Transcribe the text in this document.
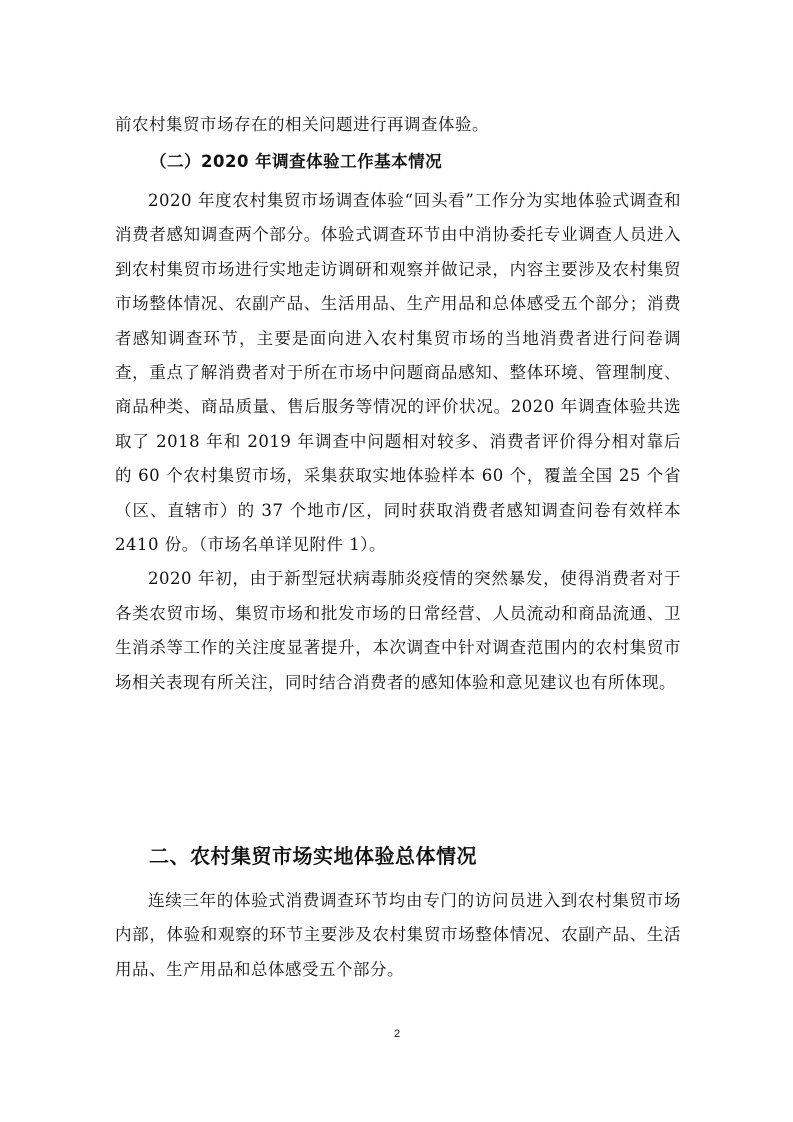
前农村集贸市场存在的相关问题进行再调查体验。

（二）2020 年调查体验工作基本情况

2020 年度农村集贸市场调查体验“回头看”工作分为实地体验式调查和消费者感知调查两个部分。体验式调查环节由中消协委托专业调查人员进入到农村集贸市场进行实地走访调研和观察并做记录，内容主要涉及农村集贸市场整体情况、农副产品、生活用品、生产用品和总体感受五个部分；消费者感知调查环节，主要是面向进入农村集贸市场的当地消费者进行问卷调查，重点了解消费者对于所在市场中问题商品感知、整体环境、管理制度、商品种类、商品质量、售后服务等情况的评价状况。2020 年调查体验共选取了 2018 年和 2019 年调查中问题相对较多、消费者评价得分相对靠后的 60 个农村集贸市场，采集获取实地体验样本 60 个，覆盖全国 25 个省（区、直辖市）的 37 个地市/区，同时获取消费者感知调查问卷有效样本 2410 份。（市场名单详见附件 1）。

2020 年初，由于新型冠状病毒肺炎疫情的突然暴发，使得消费者对于各类农贸市场、集贸市场和批发市场的日常经营、人员流动和商品流通、卫生消杀等工作的关注度显著提升，本次调查中针对调查范围内的农村集贸市场相关表现有所关注，同时结合消费者的感知体验和意见建议也有所体现。

二、农村集贸市场实地体验总体情况

连续三年的体验式消费调查环节均由专门的访问员进入到农村集贸市场内部，体验和观察的环节主要涉及农村集贸市场整体情况、农副产品、生活用品、生产用品和总体感受五个部分。

2
